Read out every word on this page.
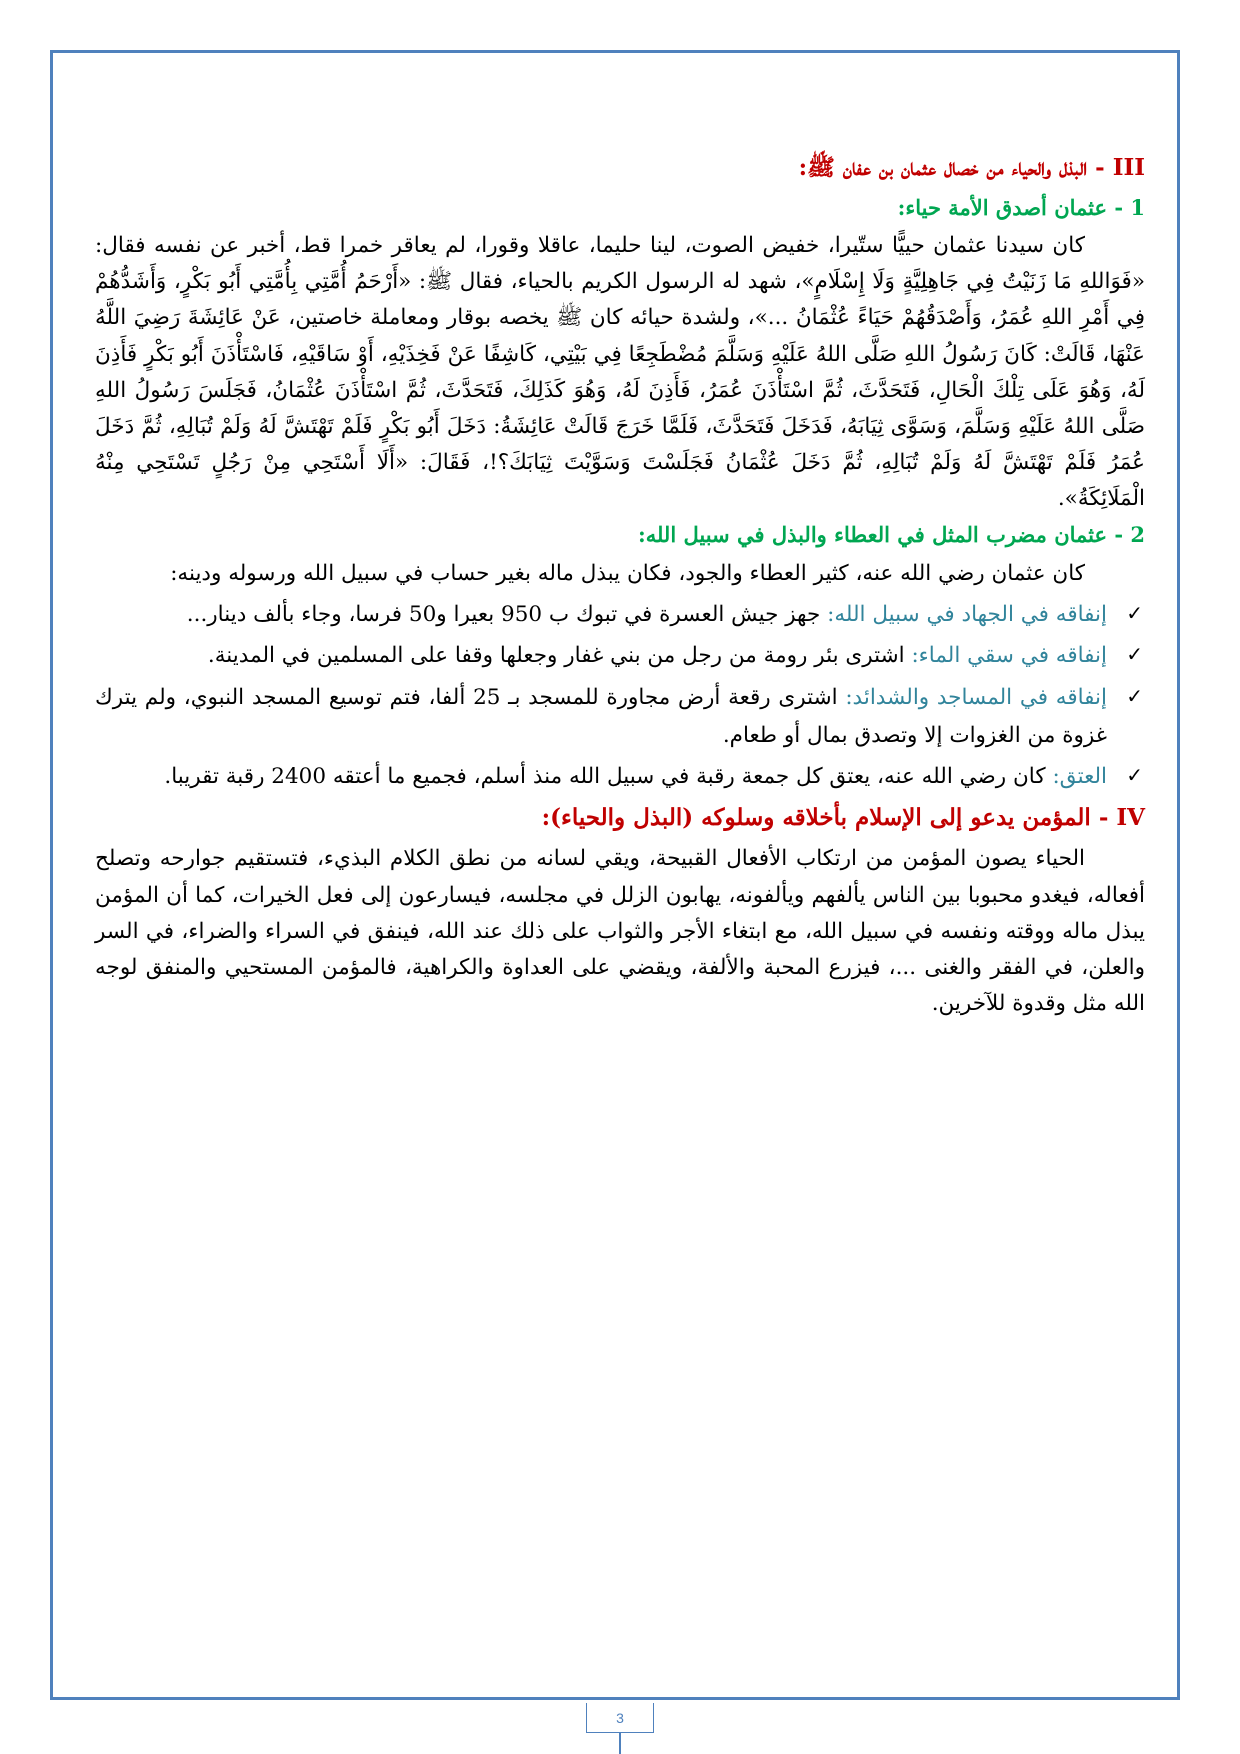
III - البذل والحياء من خصال عثمان بن عفان ﷺ:
1 - عثمان أصدق الأمة حياء:

كان سيدنا عثمان حييًّا ستّيرا، خفيض الصوت، لينا حليما، عاقلا وقورا، لم يعاقر خمرا قط، أخبر عن نفسه فقال: «فَوَاللهِ مَا زَنَيْتُ فِي جَاهِلِيَّةٍ وَلَا إِسْلَامٍ»، شهد له الرسول الكريم بالحياء، فقال ﷺ: «أَرْحَمُ أُمَّتِي بِأُمَّتِي أَبُو بَكْرٍ، وَأَشَدُّهُمْ فِي أَمْرِ اللهِ عُمَرُ، وَأَصْدَقُهُمْ حَيَاءً عُثْمَانُ ...»، ولشدة حيائه كان ﷺ يخصه بوقار ومعاملة خاصتين، عَنْ عَائِشَةَ رَضِيَ اللَّهُ عَنْهَا، قَالَتْ: كَانَ رَسُولُ اللهِ صَلَّى اللهُ عَلَيْهِ وَسَلَّمَ مُضْطَجِعًا فِي بَيْتِي، كَاشِفًا عَنْ فَخِذَيْهِ، أَوْ سَاقَيْهِ، فَاسْتَأْذَنَ أَبُو بَكْرٍ فَأَذِنَ لَهُ، وَهُوَ عَلَى تِلْكَ الْحَالِ، فَتَحَدَّثَ، ثُمَّ اسْتَأْذَنَ عُمَرُ، فَأَذِنَ لَهُ، وَهُوَ كَذَلِكَ، فَتَحَدَّثَ، ثُمَّ اسْتَأْذَنَ عُثْمَانُ، فَجَلَسَ رَسُولُ اللهِ صَلَّى اللهُ عَلَيْهِ وَسَلَّمَ، وَسَوَّى ثِيَابَهُ، فَدَخَلَ فَتَحَدَّثَ، فَلَمَّا خَرَجَ قَالَتْ عَائِشَةُ: دَخَلَ أَبُو بَكْرٍ فَلَمْ تَهْتَشَّ لَهُ وَلَمْ تُبَالِهِ، ثُمَّ دَخَلَ عُمَرُ فَلَمْ تَهْتَشَّ لَهُ وَلَمْ تُبَالِهِ، ثُمَّ دَخَلَ عُثْمَانُ فَجَلَسْتَ وَسَوَّيْتَ ثِيَابَكَ؟!، فَقَالَ: «أَلَا أَسْتَحِي مِنْ رَجُلٍ تَسْتَحِي مِنْهُ الْمَلَائِكَةُ».

2 - عثمان مضرب المثل في العطاء والبذل في سبيل الله:

كان عثمان رضي الله عنه، كثير العطاء والجود، فكان يبذل ماله بغير حساب في سبيل الله ورسوله ودينه:

✓
إنفاقه في الجهاد في سبيل الله: جهز جيش العسرة في تبوك ب 950 بعيرا و50 فرسا، وجاء بألف دينار...
✓
إنفاقه في سقي الماء: اشترى بئر رومة من رجل من بني غفار وجعلها وقفا على المسلمين في المدينة.
✓
إنفاقه في المساجد والشدائد: اشترى رقعة أرض مجاورة للمسجد بـ 25 ألفا، فتم توسيع المسجد النبوي، ولم يترك غزوة من الغزوات إلا وتصدق بمال أو طعام.
✓
العتق: كان رضي الله عنه، يعتق كل جمعة رقبة في سبيل الله منذ أسلم، فجميع ما أعتقه 2400 رقبة تقريبا.
IV - المؤمن يدعو إلى الإسلام بأخلاقه وسلوكه (البذل والحياء):

الحياء يصون المؤمن من ارتكاب الأفعال القبيحة، ويقي لسانه من نطق الكلام البذيء، فتستقيم جوارحه وتصلح أفعاله، فيغدو محبوبا بين الناس يألفهم ويألفونه، يهابون الزلل في مجلسه، فيسارعون إلى فعل الخيرات، كما أن المؤمن يبذل ماله ووقته ونفسه في سبيل الله، مع ابتغاء الأجر والثواب على ذلك عند الله، فينفق في السراء والضراء، في السر والعلن، في الفقر والغنى ...، فيزرع المحبة والألفة، ويقضي على العداوة والكراهية، فالمؤمن المستحيي والمنفق لوجه الله مثل وقدوة للآخرين.

3
